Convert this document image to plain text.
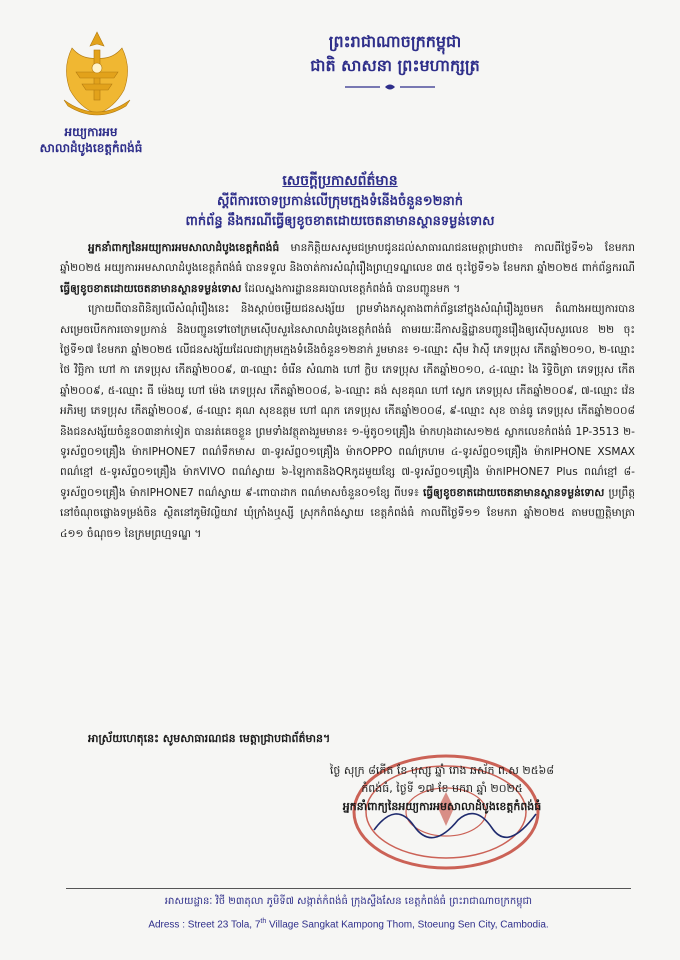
អយ្យការអម
សាលាដំបូងខេត្តកំពង់ធំ
ព្រះរាជាណាចក្រកម្ពុជា
ជាតិ សាសនា ព្រះមហាក្សត្រ
សេចក្តីប្រកាសព័ត៌មាន
ស្តីពីការចោទប្រកាន់លើក្រុមក្មេងទំនើងចំនួន១២នាក់
ពាក់ព័ន្ធ នឹងករណីធ្វើឲ្យខូចខាតដោយចេតនាមានស្ថានទម្ងន់ទោស

អ្នកនាំពាក្យនៃអយ្យការអមសាលាដំបូងខេត្តកំពង់ធំ មានកិត្តិយសសូមជម្រាបជូនដល់សាធារណជនមេត្តាជ្រាបថា៖ កាលពីថ្ងៃទី១៦ ខែមករា ឆ្នាំ២០២៥ អយ្យការអមសាលាដំបូងខេត្តកំពង់ធំ បានទទួល និងចាត់ការសំណុំរឿងព្រហ្មទណ្ឌលេខ ៣៥ ចុះថ្ងៃទី១៦ ខែមករា ឆ្នាំ២០២៥ ពាក់ព័ន្ធករណី ធ្វើឲ្យខូចខាតដោយចេតនាមានស្ថានទម្ងន់ទោស ដែលស្នងការដ្ឋាននគរបាលខេត្តកំពង់ធំ បានបញ្ជូនមក ។

ក្រោយពីបានពិនិត្យលើសំណុំរឿងនេះ និងស្តាប់ចម្លើយជនសង្ស័យ ព្រមទាំងភស្តុតាងពាក់ព័ន្ធនៅក្នុងសំណុំរឿងរួចមក តំណាងអយ្យការបានសម្រេចបើកការចោទប្រកាន់ និងបញ្ជូនទៅចៅក្រមស៊ើបសួរនៃសាលាដំបូងខេត្តកំពង់ធំ តាមរយៈដីកាសន្និដ្ឋានបញ្ជូនរឿងឲ្យស៊ើបសួរលេខ ២២ ចុះថ្ងៃទី១៧ ខែមករា ឆ្នាំ២០២៥ លើជនសង្ស័យដែលជាក្រុមក្មេងទំនើងចំនួន១២នាក់ រួមមាន៖ ១-ឈ្មោះ ស៊ឹម វ៉ាសុី ភេទប្រុស កើតឆ្នាំ២០១០, ២-ឈ្មោះ ថៃ វិច្ឆិកា ហៅ កា ភេទប្រុស កើតឆ្នាំ២០០៩, ៣-ឈ្មោះ ចំរើន សំណាង ហៅ ក្លិប ភេទប្រុស កើតឆ្នាំ២០១០, ៤-ឈ្មោះ ងៃ រិទ្ធិចិត្រា ភេទប្រុស កើតឆ្នាំ២០០៩, ៥-ឈ្មោះ ធី ម៉េងយូ ហៅ ម៉េង ភេទប្រុស កើតឆ្នាំ២០០៨, ៦-ឈ្មោះ គង់ សុខគុណ ហៅ ស្លេក ភេទប្រុស កើតឆ្នាំ២០០៩, ៧-ឈ្មោះ វ៉េន អភិរម្យ ភេទប្រុស កើតឆ្នាំ២០០៩, ៨-ឈ្មោះ គុណ សុខឧត្តម ហៅ ណុក ភេទប្រុស កើតឆ្នាំ២០០៨, ៩-ឈ្មោះ សុខ ចាន់ធូ ភេទប្រុស កើតឆ្នាំ២០០៨ និងជនសង្ស័យចំនួន០៣នាក់ទៀត បានរត់គេចខ្លួន ព្រមទាំងវត្ថុតាងរួមមាន៖ ១-ម៉ូតូ០១គ្រឿង ម៉ាកហុងដាសេ១២៥ ស្លាកលេខកំពង់ធំ 1P-3513 ២-ទូរស័ព្ទ០១គ្រឿង ម៉ាកIPHONE7 ពណ៌ទឹកមាស ៣-ទូរស័ព្ទ០១គ្រឿង ម៉ាកOPPO ពណ៌ក្រហម ៤-ទូរស័ព្ទ០១គ្រឿង ម៉ាកIPHONE XSMAX ពណ៌ខ្មៅ ៥-ទូរស័ព្ទ០១គ្រឿង ម៉ាកVIVO ពណ៌ស្វាយ ៦-ឡៃកាតនិងQRកូដមួយខ្សែ ៧-ទូរស័ព្ទ០១គ្រឿង ម៉ាកIPHONE7 Plus ពណ៌ខ្មៅ ៨-ទូរស័ព្ទ០១គ្រឿង ម៉ាកIPHONE7 ពណ៌ស្វាយ ៩-ពោបាដាក ពណ៌មាសចំនួន០១ខ្សែ ពីបទ៖ ធ្វើឲ្យខូចខាតដោយចេតនាមានស្ថានទម្ងន់ទោស ប្រព្រឹត្តនៅចំណុចផ្លោងទម្រង់ចិន ស្ថិតនៅភូមិវល្លិយាវ ឃុំក្រាំងឬស្សី ស្រុកកំពង់ស្វាយ ខេត្តកំពង់ធំ កាលពីថ្ងៃទី១១ ខែមករា ឆ្នាំ២០២៥ តាមបញ្ញត្តិមាត្រា ៤១១ ចំណុច១ នៃក្រមព្រហ្មទណ្ឌ ។

អាស្រ័យហេតុនេះ សូមសាធារណជន មេត្តាជ្រាបជាព័ត៌មាន។
ថ្ងៃ សុក្រ ៨កើត ខែ បុស្ស ឆ្នាំ រោង ឆស័ក ព.ស ២៥៦៨
កំពង់ធំ, ថ្ងៃទី ១៧ ខែ មករា ឆ្នាំ ២០២៥
អ្នកនាំពាក្យនៃអយ្យការអមសាលាដំបូងខេត្តកំពង់ធំ
អាសយដ្ឋានៈ វិថី ២៣តុលា ភូមិទី៧ សង្កាត់កំពង់ធំ ក្រុងស្ទឹងសែន ខេត្តកំពង់ធំ ព្រះរាជាណាចក្រកម្ពុជា
Adress : Street 23 Tola, 7th Village Sangkat Kampong Thom, Stoeung Sen City, Cambodia.
